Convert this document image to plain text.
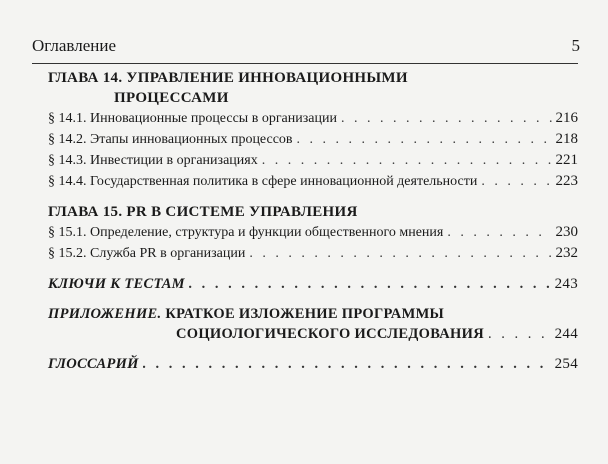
Оглавление	5
ГЛАВА 14. УПРАВЛЕНИЕ ИННОВАЦИОННЫМИ
ПРОЦЕССАМИ
§ 14.1. Инновационные процессы в организации . . .	216
§ 14.2. Этапы инновационных процессов . . .	218
§ 14.3. Инвестиции в организациях . . .	221
§ 14.4. Государственная политика в сфере инновационной деятельности . . .	223
ГЛАВА 15. PR В СИСТЕМЕ УПРАВЛЕНИЯ
§ 15.1. Определение, структура и функции общественного мнения . . .	230
§ 15.2. Служба PR в организации . . .	232
КЛЮЧИ К ТЕСТАМ . . .	243
ПРИЛОЖЕНИЕ. КРАТКОЕ ИЗЛОЖЕНИЕ ПРОГРАММЫ
СОЦИОЛОГИЧЕСКОГО ИССЛЕДОВАНИЯ . . .	244
ГЛОССАРИЙ . . .	254
